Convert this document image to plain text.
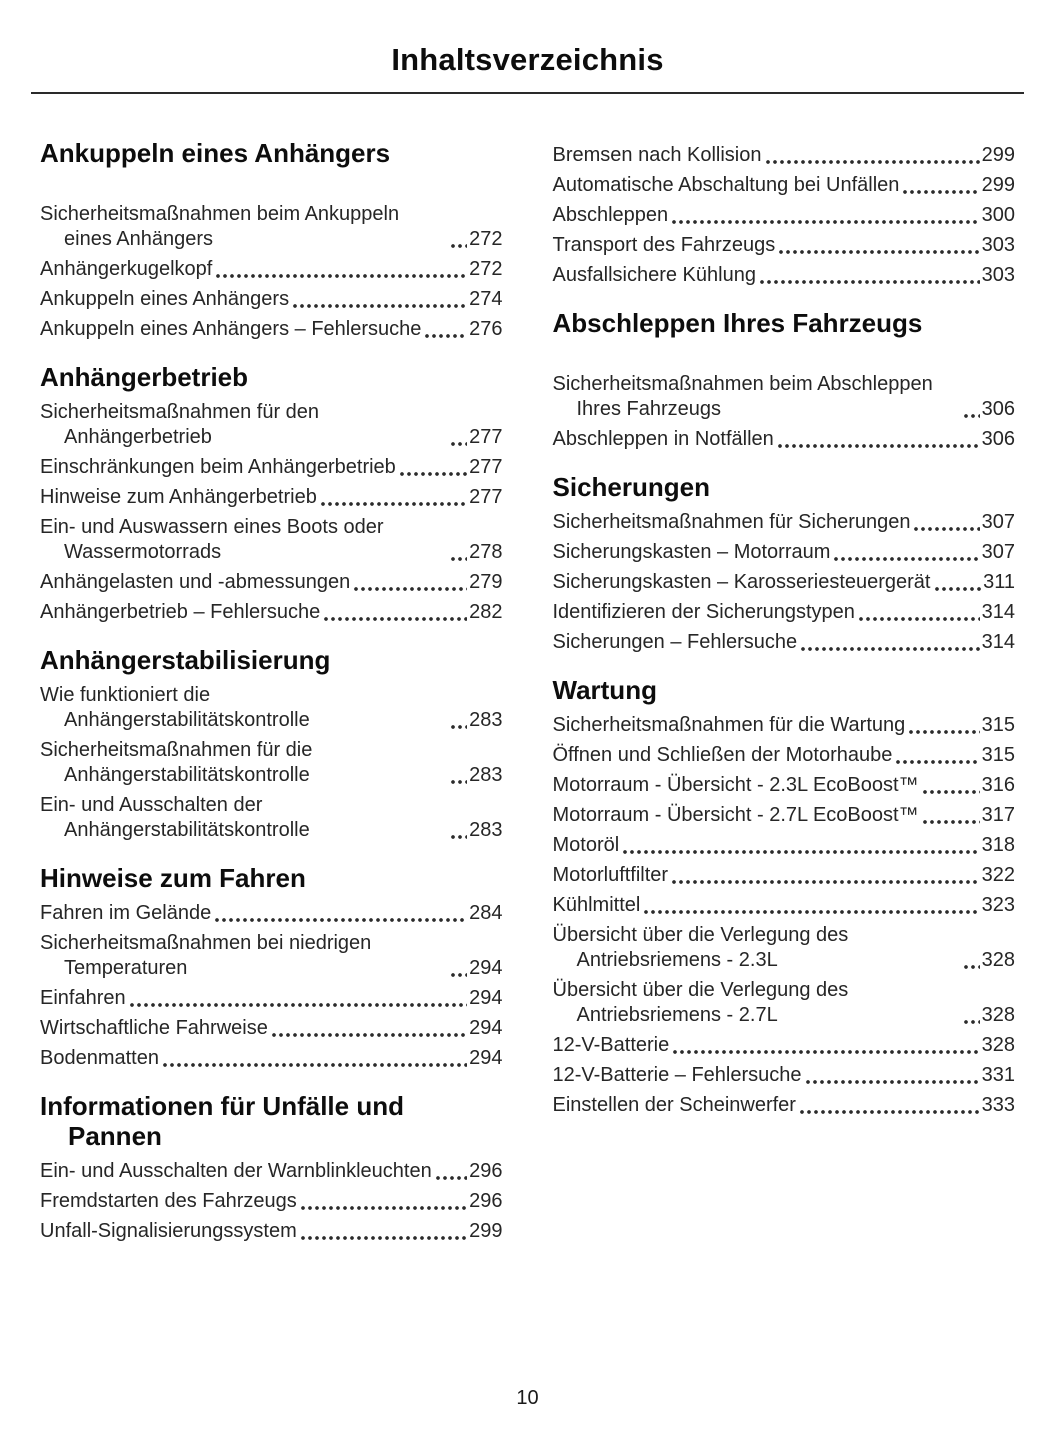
Inhaltsverzeichnis
Ankuppeln eines Anhängers
Sicherheitsmaßnahmen beim Ankuppeln eines Anhängers	272
Anhängerkugelkopf	272
Ankuppeln eines Anhängers	274
Ankuppeln eines Anhängers – Fehlersuche 276
Anhängerbetrieb
Sicherheitsmaßnahmen für den Anhängerbetrieb	277
Einschränkungen beim Anhängerbetrieb	277
Hinweise zum Anhängerbetrieb	277
Ein- und Auswassern eines Boots oder Wassermotorrads	278
Anhängelasten und -abmessungen	279
Anhängerbetrieb – Fehlersuche	282
Anhängerstabilisierung
Wie funktioniert die Anhängerstabilitätskontrolle	283
Sicherheitsmaßnahmen für die Anhängerstabilitätskontrolle	283
Ein- und Ausschalten der Anhängerstabilitätskontrolle	283
Hinweise zum Fahren
Fahren im Gelände	284
Sicherheitsmaßnahmen bei niedrigen Temperaturen	294
Einfahren	294
Wirtschaftliche Fahrweise	294
Bodenmatten	294
Informationen für Unfälle und Pannen
Ein- und Ausschalten der Warnblinkleuchten 296
Fremdstarten des Fahrzeugs	296
Unfall-Signalisierungssystem	299
Bremsen nach Kollision	299
Automatische Abschaltung bei Unfällen	299
Abschleppen	300
Transport des Fahrzeugs	303
Ausfallsichere Kühlung	303
Abschleppen Ihres Fahrzeugs
Sicherheitsmaßnahmen beim Abschleppen Ihres Fahrzeugs	306
Abschleppen in Notfällen	306
Sicherungen
Sicherheitsmaßnahmen für Sicherungen	307
Sicherungskasten – Motorraum	307
Sicherungskasten – Karosseriesteuergerät	311
Identifizieren der Sicherungstypen	314
Sicherungen – Fehlersuche	314
Wartung
Sicherheitsmaßnahmen für die Wartung	315
Öffnen und Schließen der Motorhaube	315
Motorraum - Übersicht - 2.3L EcoBoost™	316
Motorraum - Übersicht - 2.7L EcoBoost™	317
Motoröl	318
Motorluftfilter	322
Kühlmittel	323
Übersicht über die Verlegung des Antriebsriemens - 2.3L	328
Übersicht über die Verlegung des Antriebsriemens - 2.7L	328
12-V-Batterie	328
12-V-Batterie – Fehlersuche	331
Einstellen der Scheinwerfer	333
10
